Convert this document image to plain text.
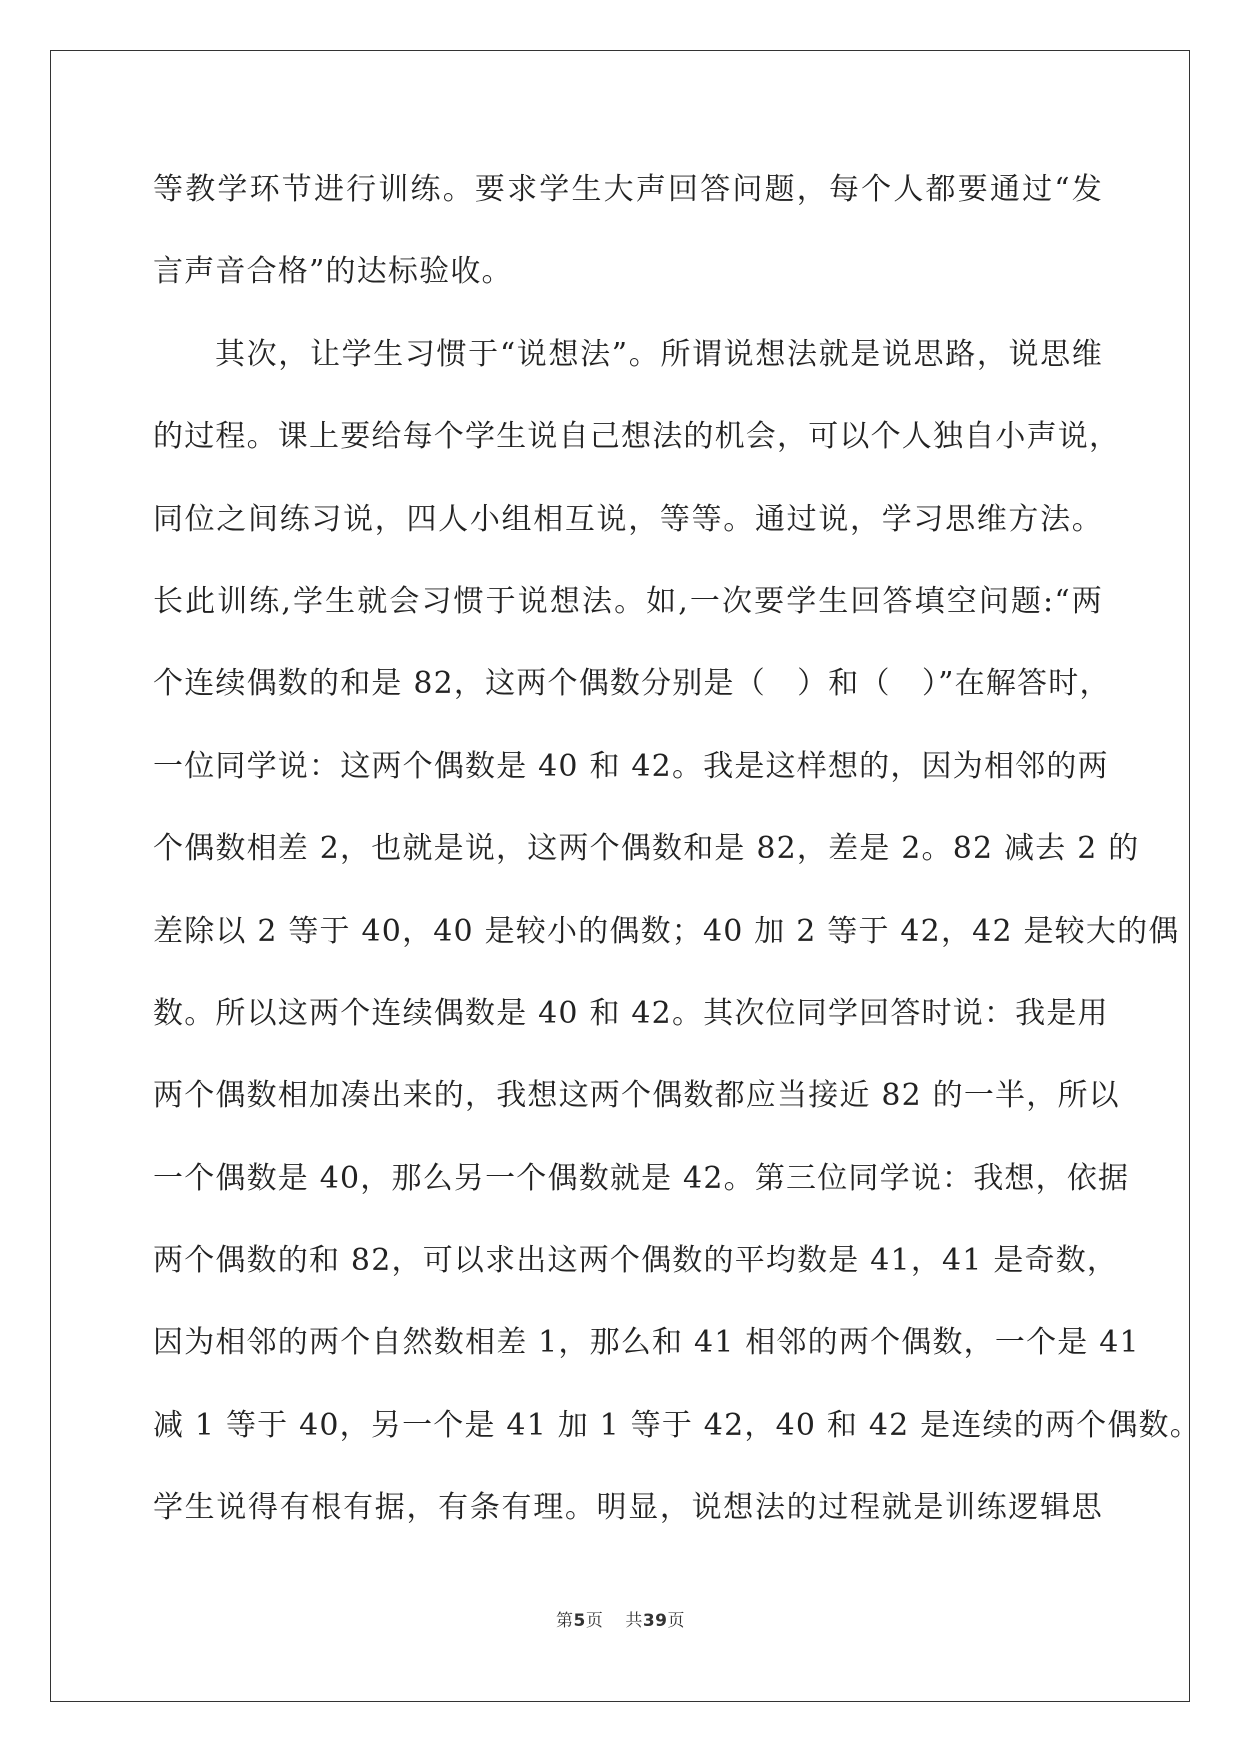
等教学环节进行训练。要求学生大声回答问题，每个人都要通过“发
言声音合格”的达标验收。
其次，让学生习惯于“说想法”。所谓说想法就是说思路，说思维
的过程。课上要给每个学生说自己想法的机会，可以个人独自小声说，
同位之间练习说，四人小组相互说，等等。通过说，学习思维方法。
长此训练,学生就会习惯于说想法。如,一次要学生回答填空问题:“两
个连续偶数的和是 82，这两个偶数分别是（　）和（　）”在解答时，
一位同学说：这两个偶数是 40 和 42。我是这样想的，因为相邻的两
个偶数相差 2，也就是说，这两个偶数和是 82，差是 2。82 减去 2 的
差除以 2 等于 40，40 是较小的偶数；40 加 2 等于 42，42 是较大的偶
数。所以这两个连续偶数是 40 和 42。其次位同学回答时说：我是用
两个偶数相加凑出来的，我想这两个偶数都应当接近 82 的一半，所以
一个偶数是 40，那么另一个偶数就是 42。第三位同学说：我想，依据
两个偶数的和 82，可以求出这两个偶数的平均数是 41，41 是奇数，
因为相邻的两个自然数相差 1，那么和 41 相邻的两个偶数，一个是 41
减 1 等于 40，另一个是 41 加 1 等于 42，40 和 42 是连续的两个偶数。
学生说得有根有据，有条有理。明显，说想法的过程就是训练逻辑思
第5页 共39页
